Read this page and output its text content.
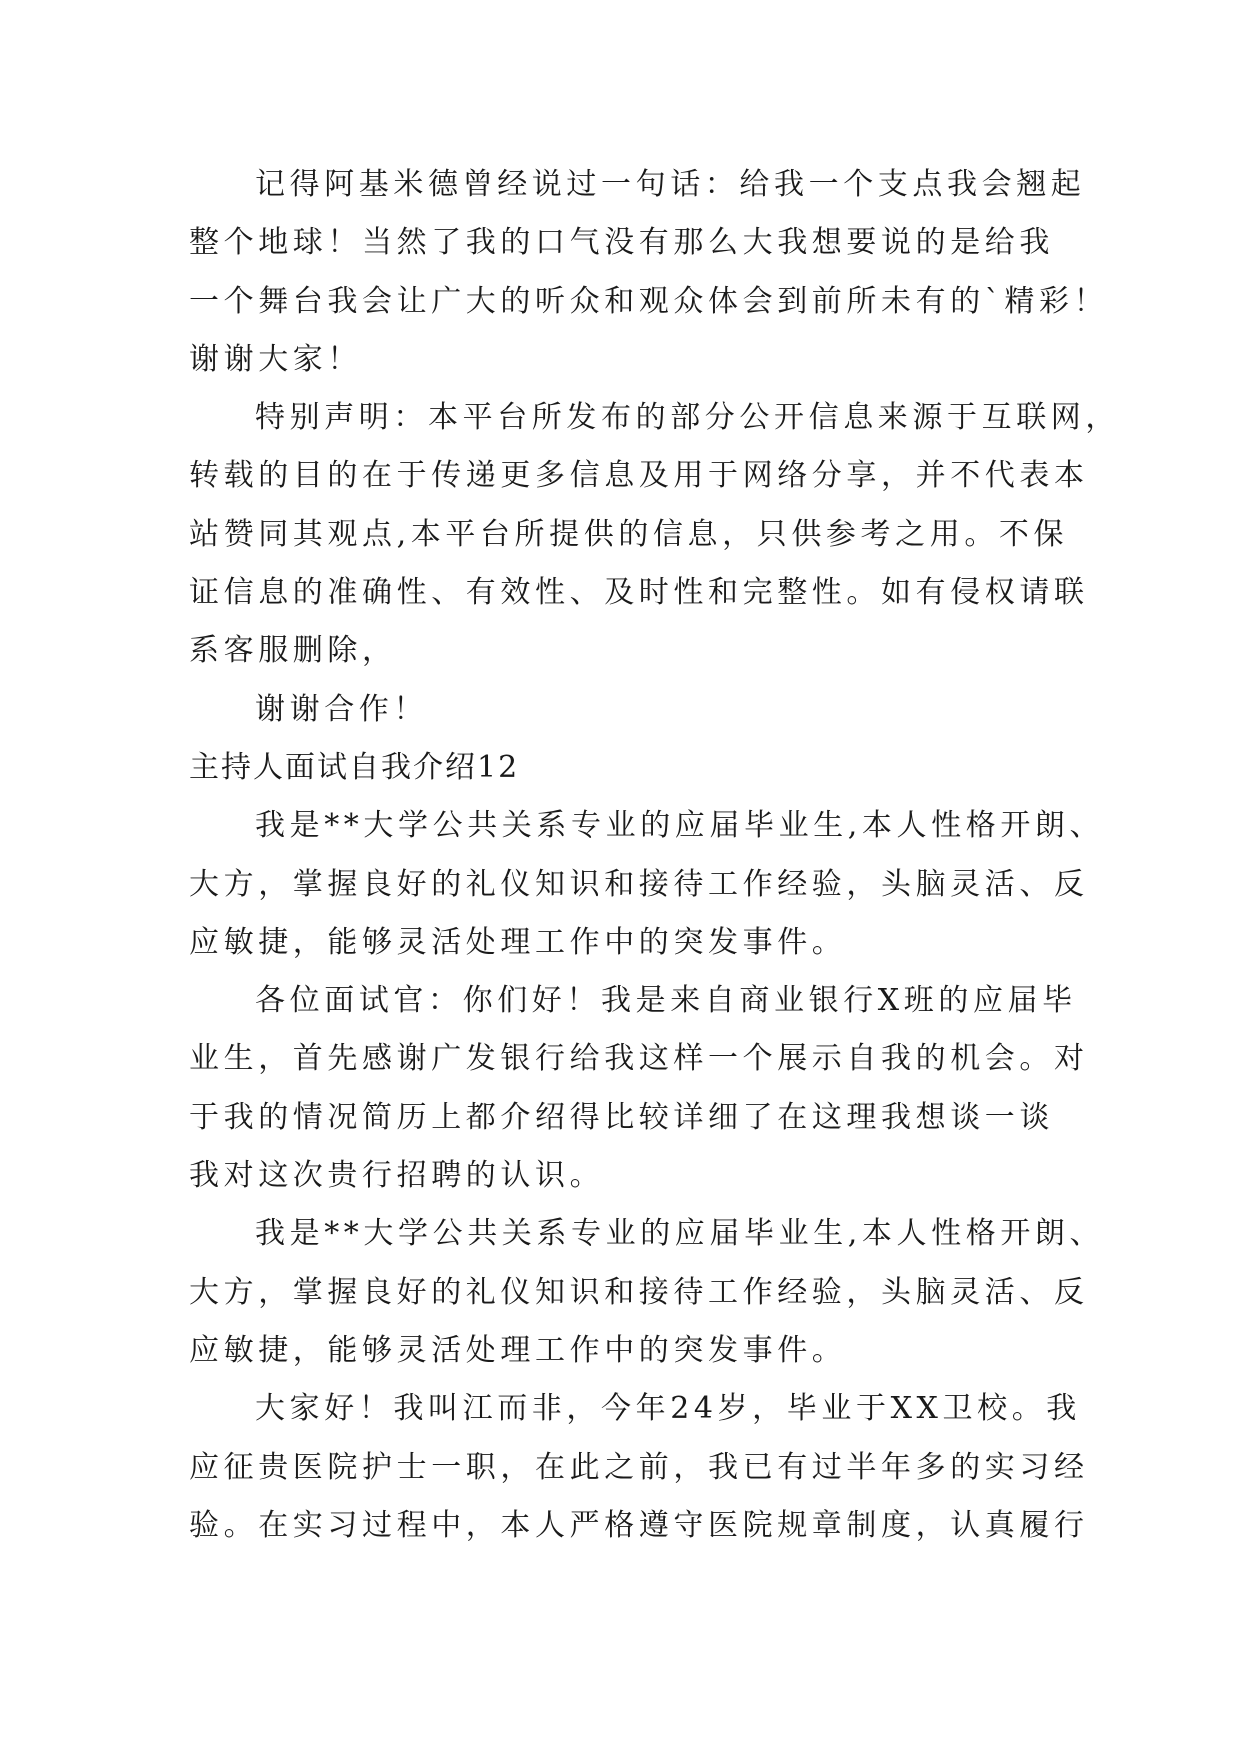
记得阿基米德曾经说过一句话：给我一个支点我会翘起
整个地球！当然了我的口气没有那么大我想要说的是给我
一个舞台我会让广大的听众和观众体会到前所未有的`精彩！
谢谢大家！
特别声明：本平台所发布的部分公开信息来源于互联网，
转载的目的在于传递更多信息及用于网络分享，并不代表本
站赞同其观点,本平台所提供的信息，只供参考之用。不保
证信息的准确性、有效性、及时性和完整性。如有侵权请联
系客服删除，
谢谢合作！
主持人面试自我介绍12
我是**大学公共关系专业的应届毕业生,本人性格开朗、
大方，掌握良好的礼仪知识和接待工作经验，头脑灵活、反
应敏捷，能够灵活处理工作中的突发事件。
各位面试官：你们好！我是来自商业银行X班的应届毕
业生，首先感谢广发银行给我这样一个展示自我的机会。对
于我的情况简历上都介绍得比较详细了在这理我想谈一谈
我对这次贵行招聘的认识。
我是**大学公共关系专业的应届毕业生,本人性格开朗、
大方，掌握良好的礼仪知识和接待工作经验，头脑灵活、反
应敏捷，能够灵活处理工作中的突发事件。
大家好！我叫江而非，今年24岁，毕业于XX卫校。我
应征贵医院护士一职，在此之前，我已有过半年多的实习经
验。在实习过程中，本人严格遵守医院规章制度，认真履行
